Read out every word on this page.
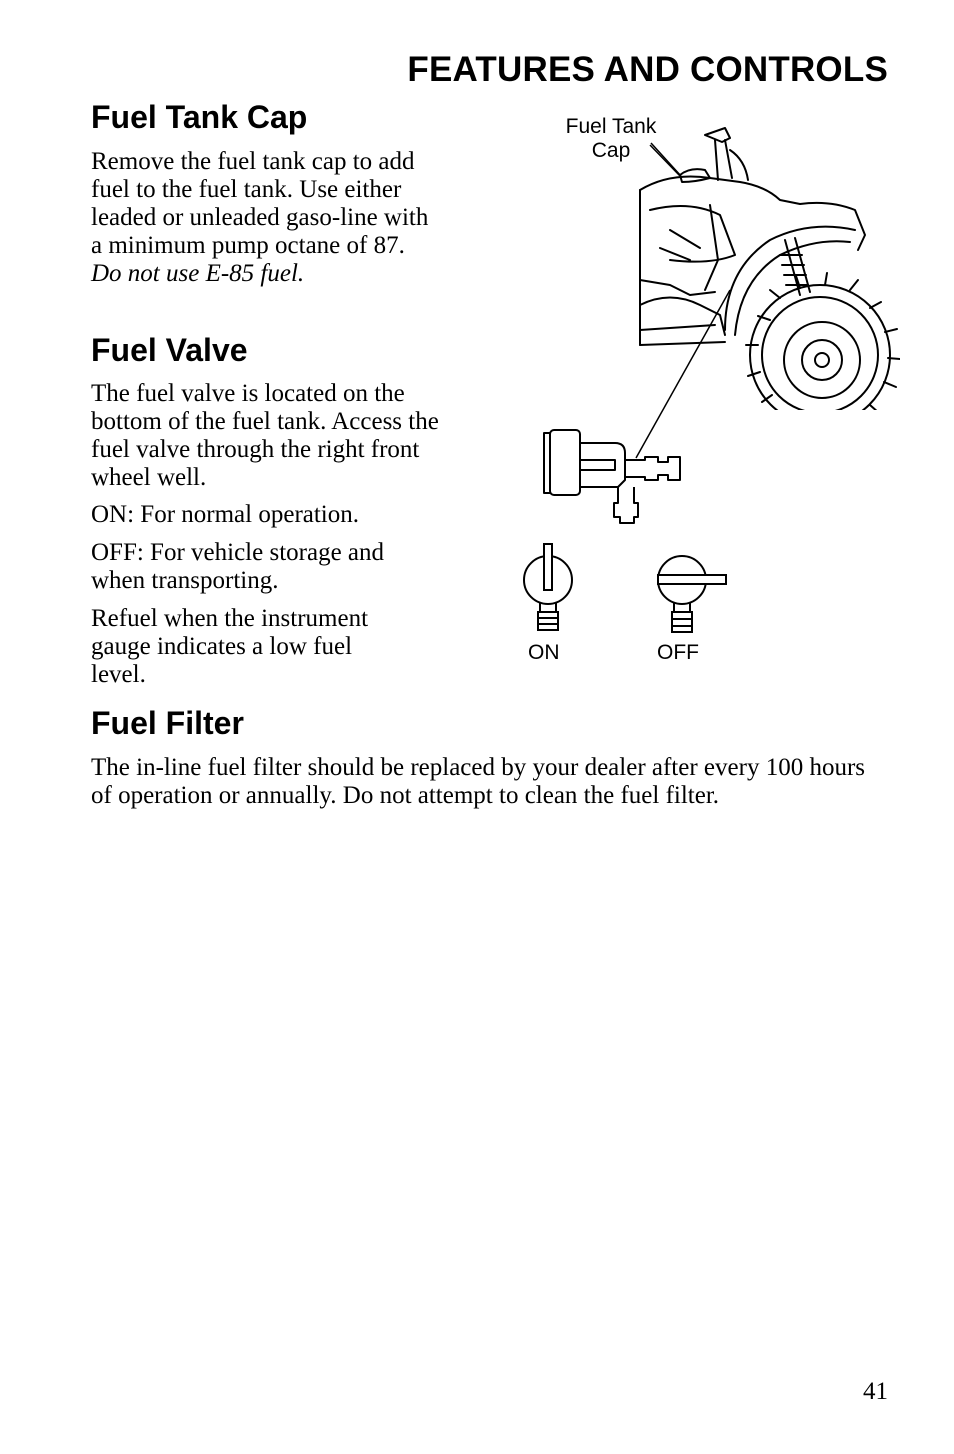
FEATURES AND CONTROLS
Fuel Tank Cap

Remove the fuel tank cap to add fuel to the fuel tank. Use either leaded or unleaded gaso-line with a minimum pump octane of 87. Do not use E-85 fuel.

Fuel Valve

The fuel valve is located on the bottom of the fuel tank. Access the fuel valve through the right front wheel well.

ON: For normal operation.

OFF: For vehicle storage and when transporting.

Refuel when the instrument gauge indicates a low fuel level.

Fuel Filter

The in-line fuel filter should be replaced by your dealer after every 100 hours of operation or annually. Do not attempt to clean the fuel filter.

Fuel Tank
Cap
ON	OFF
41
